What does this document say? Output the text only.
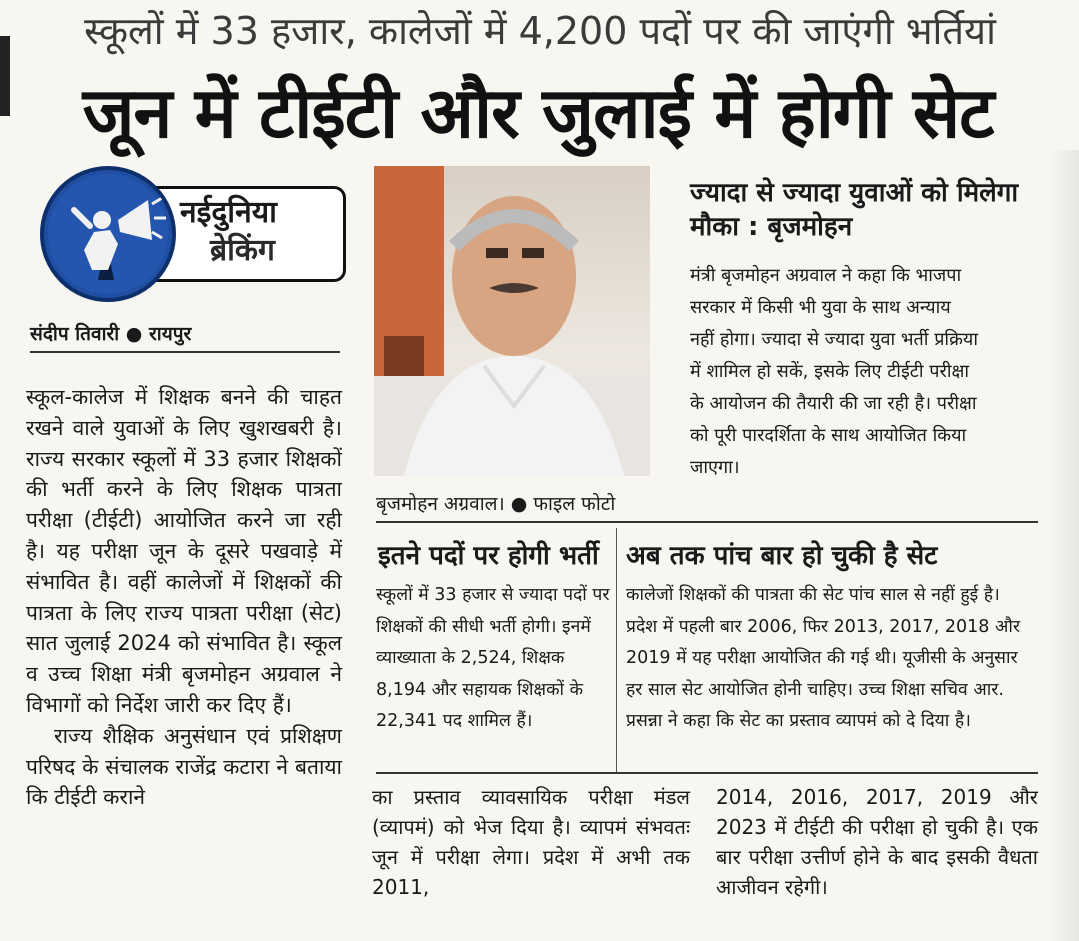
स्कूलों में 33 हजार, कालेजों में 4,200 पदों पर की जाएंगी भर्तियां
जून में टीईटी और जुलाई में होगी सेट
नईदुनिया
ब्रेकिंग
संदीप तिवारी ● रायपुर
बृजमोहन अग्रवाल। ● फाइल फोटो

स्कूल-कालेज में शिक्षक बनने की चाहत रखने वाले युवाओं के लिए खुशखबरी है। राज्य सरकार स्कूलों में 33 हजार शिक्षकों की भर्ती करने के लिए शिक्षक पात्रता परीक्षा (टीईटी) आयोजित करने जा रही है। यह परीक्षा जून के दूसरे पखवाड़े में संभावित है। वहीं कालेजों में शिक्षकों की पात्रता के लिए राज्य पात्रता परीक्षा (सेट) सात जुलाई 2024 को संभावित है। स्कूल व उच्च शिक्षा मंत्री बृजमोहन अग्रवाल ने विभागों को निर्देश जारी कर दिए हैं।

राज्य शैक्षिक अनुसंधान एवं प्रशिक्षण परिषद के संचालक राजेंद्र कटारा ने बताया कि टीईटी कराने

ज्यादा से ज्यादा युवाओं को मिलेगा मौका : बृजमोहन
मंत्री बृजमोहन अग्रवाल ने कहा कि भाजपा सरकार में किसी भी युवा के साथ अन्याय नहीं होगा। ज्यादा से ज्यादा युवा भर्ती प्रक्रिया में शामिल हो सकें, इसके लिए टीईटी परीक्षा के आयोजन की तैयारी की जा रही है। परीक्षा को पूरी पारदर्शिता के साथ आयोजित किया जाएगा।
इतने पदों पर होगी भर्ती अब तक पांच बार हो चुकी है सेट
स्कूलों में 33 हजार से ज्यादा पदों पर शिक्षकों की सीधी भर्ती होगी। इनमें व्याख्याता के 2,524, शिक्षक 8,194 और सहायक शिक्षकों के 22,341 पद शामिल हैं।
कालेजों शिक्षकों की पात्रता की सेट पांच साल से नहीं हुई है। प्रदेश में पहली बार 2006, फिर 2013, 2017, 2018 और 2019 में यह परीक्षा आयोजित की गई थी। यूजीसी के अनुसार हर साल सेट आयोजित होनी चाहिए। उच्च शिक्षा सचिव आर. प्रसन्ना ने कहा कि सेट का प्रस्ताव व्यापमं को दे दिया है।
का प्रस्ताव व्यावसायिक परीक्षा मंडल (व्यापमं) को भेज दिया है। व्यापमं संभवतः जून में परीक्षा लेगा। प्रदेश में अभी तक 2011,
2014, 2016, 2017, 2019 और 2023 में टीईटी की परीक्षा हो चुकी है। एक बार परीक्षा उत्तीर्ण होने के बाद इसकी वैधता आजीवन रहेगी।
